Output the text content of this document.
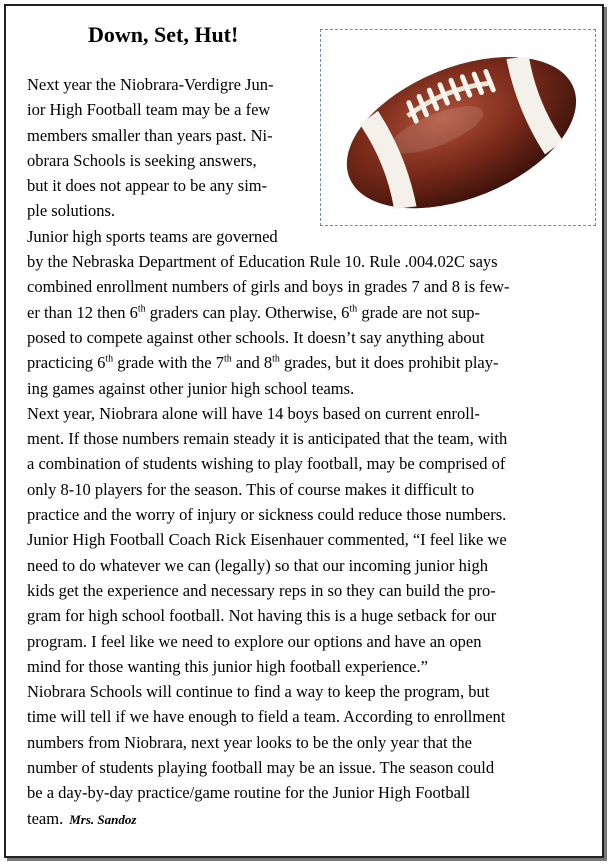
Down, Set, Hut!

Next year the Niobrara-Verdigre Jun-
ior High Football team may be a few
members smaller than years past. Ni-
obrara Schools is seeking answers,
but it does not appear to be any sim-
ple solutions.

Junior high sports teams are governed
by the Nebraska Department of Education Rule 10. Rule .004.02C says
combined enrollment numbers of girls and boys in grades 7 and 8 is few-
er than 12 then 6th graders can play. Otherwise, 6th grade are not sup-
posed to compete against other schools. It doesn’t say anything about
practicing 6th grade with the 7th and 8th grades, but it does prohibit play-
ing games against other junior high school teams.

Next year, Niobrara alone will have 14 boys based on current enroll-
ment. If those numbers remain steady it is anticipated that the team, with
a combination of students wishing to play football, may be comprised of
only 8-10 players for the season. This of course makes it difficult to
practice and the worry of injury or sickness could reduce those numbers.

Junior High Football Coach Rick Eisenhauer commented, “I feel like we
need to do whatever we can (legally) so that our incoming junior high
kids get the experience and necessary reps in so they can build the pro-
gram for high school football. Not having this is a huge setback for our
program. I feel like we need to explore our options and have an open
mind for those wanting this junior high football experience.”

Niobrara Schools will continue to find a way to keep the program, but
time will tell if we have enough to field a team. According to enrollment
numbers from Niobrara, next year looks to be the only year that the
number of students playing football may be an issue. The season could
be a day-by-day practice/game routine for the Junior High Football
team. Mrs. Sandoz
